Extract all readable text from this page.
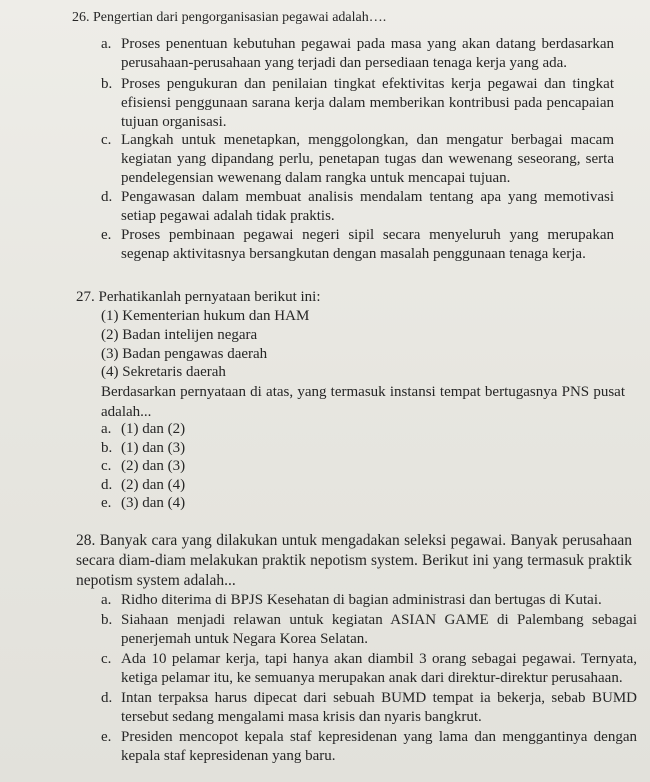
26. Pengertian dari pengorganisasian pegawai adalah….

a. Proses penentuan kebutuhan pegawai pada masa yang akan datang berdasarkan perusahaan-perusahaan yang terjadi dan persediaan tenaga kerja yang ada.
b. Proses pengukuran dan penilaian tingkat efektivitas kerja pegawai dan tingkat efisiensi penggunaan sarana kerja dalam memberikan kontribusi pada pencapaian tujuan organisasi.
c. Langkah untuk menetapkan, menggolongkan, dan mengatur berbagai macam kegiatan yang dipandang perlu, penetapan tugas dan wewenang seseorang, serta pendelegensian wewenang dalam rangka untuk mencapai tujuan.
d. Pengawasan dalam membuat analisis mendalam tentang apa yang memotivasi setiap pegawai adalah tidak praktis.
e. Proses pembinaan pegawai negeri sipil secara menyeluruh yang merupakan segenap aktivitasnya bersangkutan dengan masalah penggunaan tenaga kerja.

27. Perhatikanlah pernyataan berikut ini:

(1) Kementerian hukum dan HAM

(2) Badan intelijen negara

(3) Badan pengawas daerah

(4) Sekretaris daerah

Berdasarkan pernyataan di atas, yang termasuk instansi tempat bertugasnya PNS pusat adalah...

a. (1) dan (2)
b. (1) dan (3)
c. (2) dan (3)
d. (2) dan (4)
e. (3) dan (4)

28. Banyak cara yang dilakukan untuk mengadakan seleksi pegawai. Banyak perusahaan secara diam-diam melakukan praktik nepotism system. Berikut ini yang termasuk praktik nepotism system adalah...

a. Ridho diterima di BPJS Kesehatan di bagian administrasi dan bertugas di Kutai.
b. Siahaan menjadi relawan untuk kegiatan ASIAN GAME di Palembang sebagai penerjemah untuk Negara Korea Selatan.
c. Ada 10 pelamar kerja, tapi hanya akan diambil 3 orang sebagai pegawai. Ternyata, ketiga pelamar itu, ke semuanya merupakan anak dari direktur-direktur perusahaan.
d. Intan terpaksa harus dipecat dari sebuah BUMD tempat ia bekerja, sebab BUMD tersebut sedang mengalami masa krisis dan nyaris bangkrut.
e. Presiden mencopot kepala staf kepresidenan yang lama dan menggantinya dengan kepala staf kepresidenan yang baru.
